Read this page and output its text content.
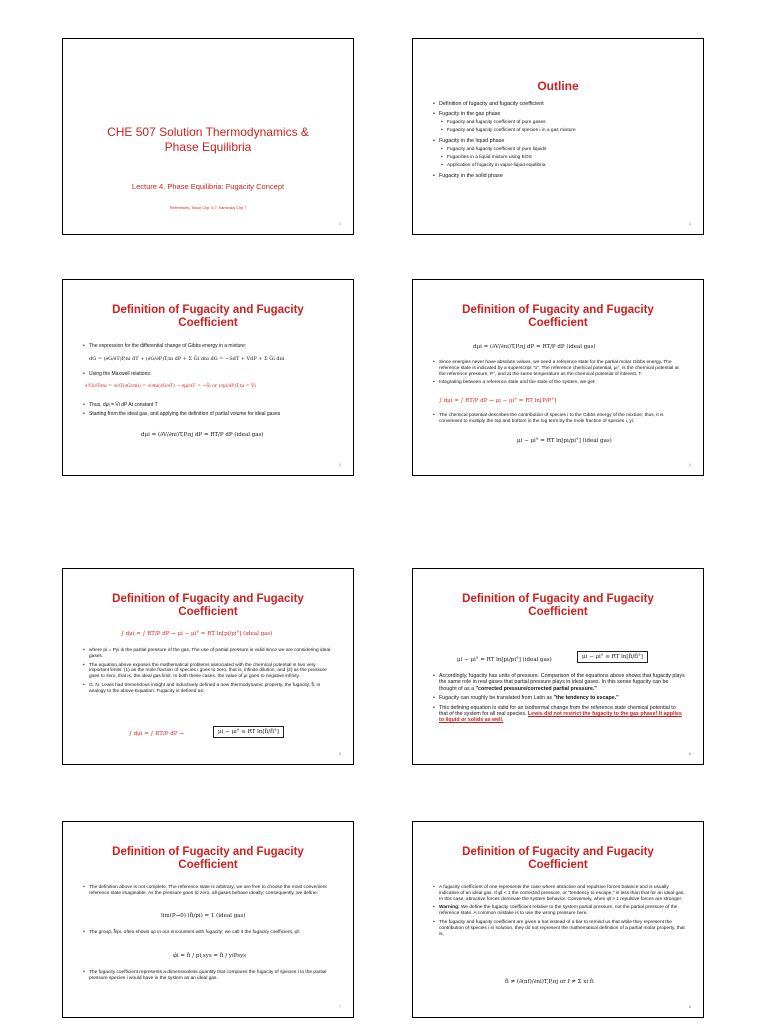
CHE 507 Solution Thermodynamics & Phase Equilibria
Lecture 4. Phase Equilibria: Fugacity Concept
References: Tosun Chp. 5,7; Kaminsky Chp 7
1
Outline

• Definition of fugacity and fugacity coefficient

• Fugacity in the gas phase

• Fugacity and fugacity coefficient of pure gases

• Fugacity and fugacity coefficient of species i in a gas mixture

• Fugacity in the liquid phase

• Fugacity and fugacity coefficient of pure liquids

• Fugacities in a liquid mixture using EOS

• Application of fugacity in vapor-liquid equilibria

• Fugacity in the solid phase

2
Definition of Fugacity and Fugacity Coefficient

• The expression for the differential change of Gibbs energy in a mixture:

dG = (∂G/∂T)P,ni dT + (∂G/∂P)T,ni dP + Σ Ḡi dni dG = −SdT + VdP + Σ Ḡi dni

• Using the Maxwell relations:

∂²G/∂T∂ni = ∂/∂T(∂G/∂ni) = ∂/∂ni(∂G/∂T) → ∂μi/∂T = −S̄i or (∂μi/∂P)T,ni = V̄i

• Thus, dμi = V̄i dP At constant T

• Starting from the ideal gas, and applying the definition of partial volume for ideal gases

dμi = (∂V/∂ni)T,P,nj dP = RT/P dP (ideal gas)
3
Definition of Fugacity and Fugacity Coefficient
dμi = (∂V/∂ni)T,P,nj dP = RT/P dP (ideal gas)

• Since energies never have absolute values, we need a reference state for the partial molar Gibbs energy. The reference state is indicated by a superscript "o". The reference chemical potential, μi°, is the chemical potential at the reference pressure, P°, and at the same temperature as the chemical potential of interest, T.

• Integrating between a reference state and the state of the system, we get:

∫ dμi = ∫ RT/P dP → μi − μi° = RT ln[P/P°]

• The chemical potential describes the contribution of species i to the Gibbs energy of the mixture; thus, it is convenient to multiply the top and bottom in the log term by the mole fraction of species i, yi:

μi − μi° = RT ln[pi/pi°] (ideal gas)
4
Definition of Fugacity and Fugacity Coefficient
∫ dμi = ∫ RT/P dP → μi − μi° = RT ln[pi/pi°] (ideal gas)

• where pi = Pyi is the partial pressure of the gas. The use of partial pressure is valid since we are considering ideal gases.

• The equation above exposes the mathematical problems associated with the chemical potential in two very important limits: (1) as the mole fraction of species i goes to zero, that is, infinite dilution, and (2) as the pressure goes to zero, that is, the ideal gas limit. In both these cases, the value of μi goes to negative infinity.

• G. N. Lewis had tremendous insight and inductively defined a new thermodynamic property, the fugacity, f̂i, in analogy to the above Equation. Fugacity is defined as:

∫ dμi = ∫ RT/P dP →	μi − μi° ≡ RT ln[f̂i/f̂i°]
5
Definition of Fugacity and Fugacity Coefficient
μi − μi° = RT ln[pi/pi°] (ideal gas)	μi − μi° ≡ RT ln[f̂i/f̂i°]

• Accordingly, fugacity has units of pressure. Comparison of the equations above shows that fugacity plays the same role in real gases that partial pressure plays in ideal gases. In this sense fugacity can be thought of as a "corrected pressure/corrected partial pressure."

• Fugacity can roughly be translated from Latin as "the tendency to escape."

• This defining equation is valid for an isothermal change from the reference state chemical potential to that of the system for all real species. Lewis did not restrict the fugacity to the gas phase! It applies to liquid or solids as well.

6
Definition of Fugacity and Fugacity Coefficient

• The definition above is not complete. The reference state is arbitrary; we are free to choose the most convenient reference state imaginable. As the pressure goes to zero, all gases behave ideally; consequently, we define:

lim(P→0) (f̂i/pi) = 1 (ideal gas)

• The group, f̂i/pi, often shows up in our encounters with fugacity; we call it the fugacity coefficient, φ̂i:

φ̂i = f̂i / pi,sys = f̂i / yiPsys

• The fugacity coefficient represents a dimensionless quantity that compares the fugacity of species i to the partial pressure species i would have in the system as an ideal gas.

7
Definition of Fugacity and Fugacity Coefficient

• A fugacity coefficient of one represents the case where attractive and repulsive forces balance and is usually indicative of an ideal gas. If φ̂i < 1 the corrected pressure, or "tendency to escape," is less than that for an ideal gas. In this case, attractive forces dominate the system behavior. Conversely, when φ̂i > 1 repulsive forces are stronger.

• Warning: We define the fugacity coefficient relative to the system partial pressure, not the partial pressure of the reference state. A common mistake is to use the wrong pressure here.

• The fugacity and fugacity coefficient are given a hat instead of a bar to remind us that while they represent the contribution of species i in solution, they do not represent the mathematical definition of a partial molar property, that is,

f̂i ≠ (∂(nf)/∂ni)T,P,nj or f ≠ Σ xi f̂i
8
